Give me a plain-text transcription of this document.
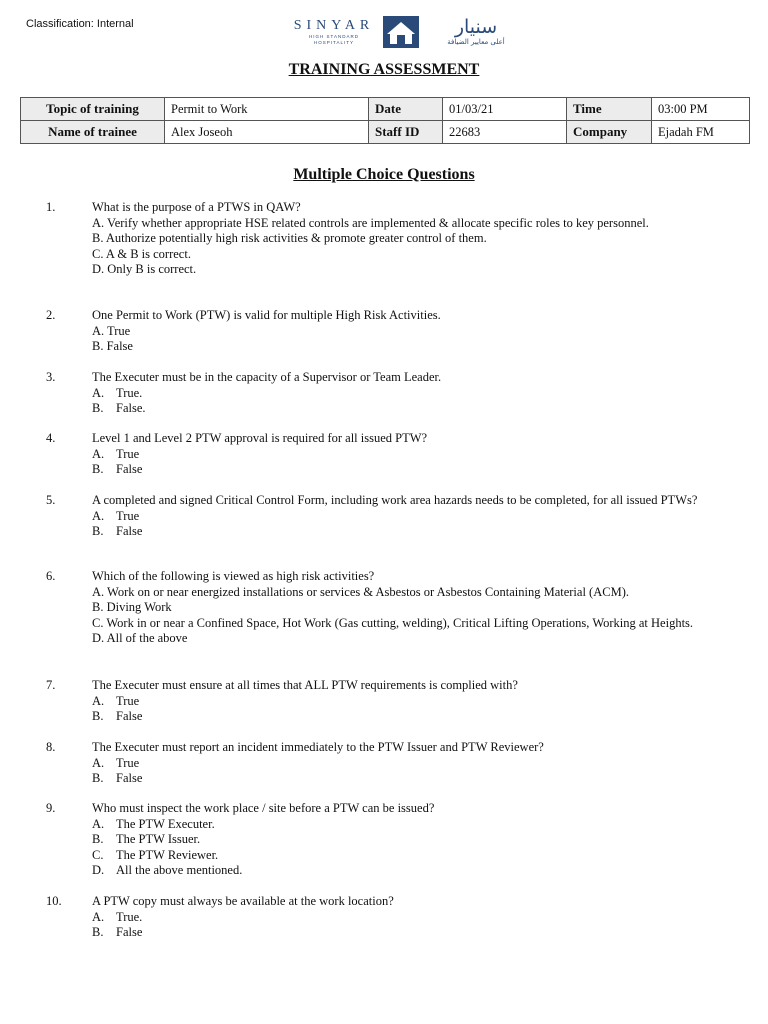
Classification: Internal	SINYAR
HIGH STANDARD HOSPITALITY
سنيار
أعلى معايير الضيافة
TRAINING ASSESSMENT
Topic of training	Permit to Work	Date	01/03/21	Time	03:00 PM
Name of trainee	Alex Joseoh	Staff ID	22683	Company	Ejadah FM
Multiple Choice Questions
1.	What is the purpose of a PTWS in QAW?
A. Verify whether appropriate HSE related controls are implemented & allocate specific roles to key personnel.
B. Authorize potentially high risk activities & promote greater control of them.
C. A & B is correct.
D. Only B is correct.
2.	One Permit to Work (PTW) is valid for multiple High Risk Activities.
A. True
B. False
3.	The Executer must be in the capacity of a Supervisor or Team Leader.
A. True.
B. False.
4.	Level 1 and Level 2 PTW approval is required for all issued PTW?
A. True
B. False
5.	A completed and signed Critical Control Form, including work area hazards needs to be completed, for all issued PTWs?
A. True
B. False
6.	Which of the following is viewed as high risk activities?
A. Work on or near energized installations or services & Asbestos or Asbestos Containing Material (ACM).
B. Diving Work
C. Work in or near a Confined Space, Hot Work (Gas cutting, welding), Critical Lifting Operations, Working at Heights.
D. All of the above
7.	The Executer must ensure at all times that ALL PTW requirements is complied with?
A. True
B. False
8.	The Executer must report an incident immediately to the PTW Issuer and PTW Reviewer?
A. True
B. False
9.	Who must inspect the work place / site before a PTW can be issued?
A. The PTW Executer.
B. The PTW Issuer.
C. The PTW Reviewer.
D. All the above mentioned.
10. A PTW copy must always be available at the work location?
A. True.
B. False
